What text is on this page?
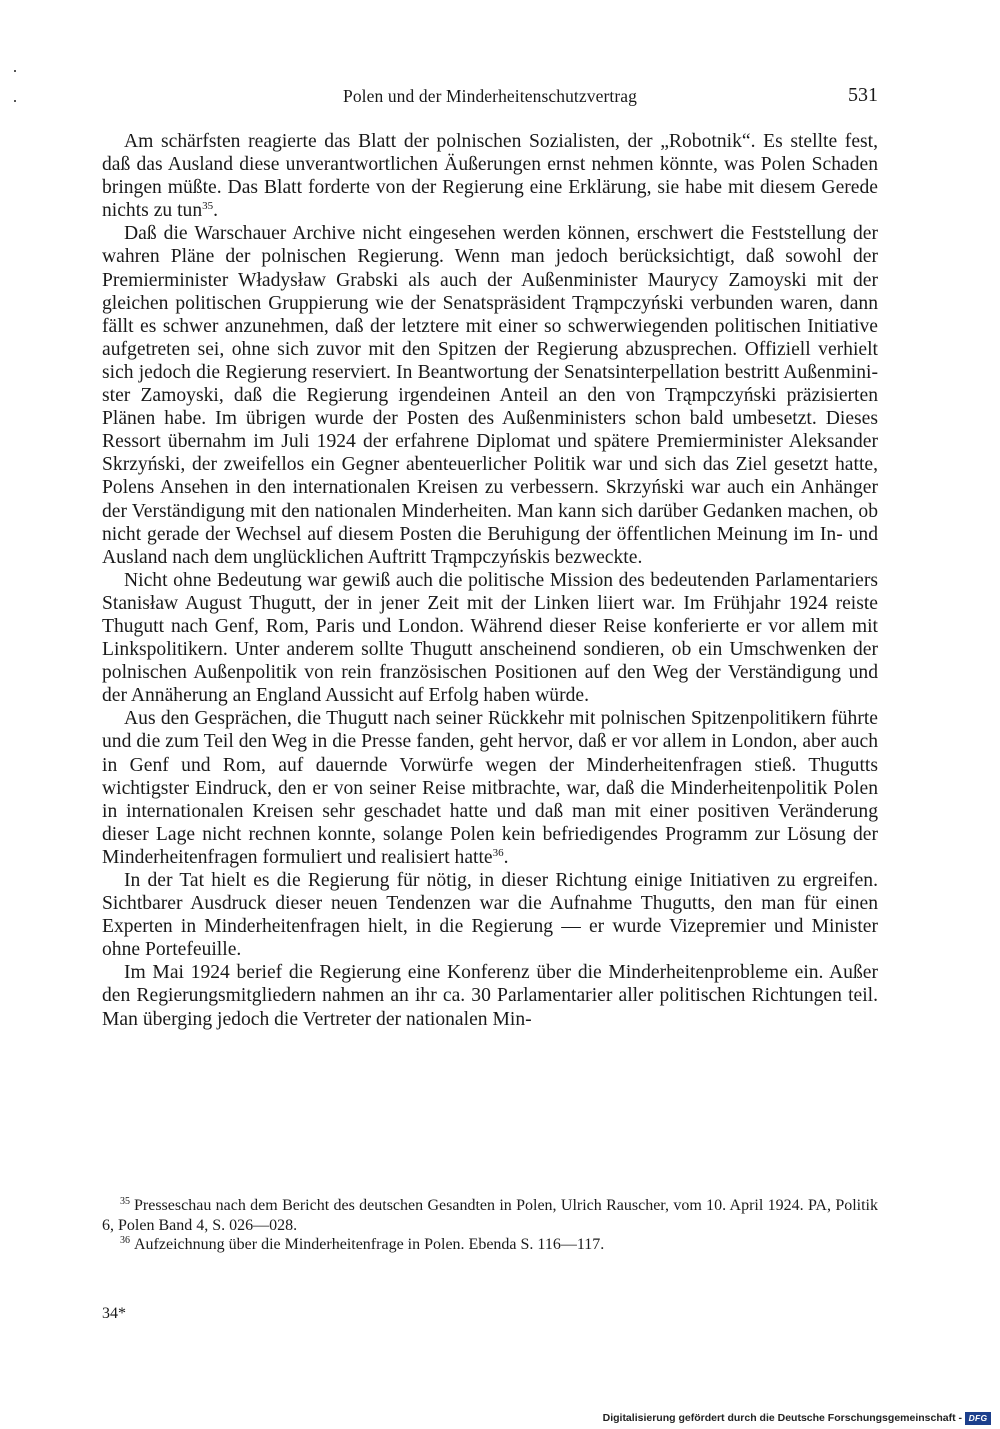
Polen und der Minderheitenschutzvertrag	531

Am schärfsten reagierte das Blatt der polnischen Sozialisten, der „Robotnik“. Es stellte fest, daß das Ausland diese unverantwortlichen Äußerungen ernst nehmen könnte, was Polen Schaden bringen müßte. Das Blatt forderte von der Regierung eine Erklärung, sie habe mit diesem Gerede nichts zu tun$^{35}$.

Daß die Warschauer Archive nicht eingesehen werden können, erschwert die Feststellung der wahren Pläne der polnischen Regierung. Wenn man jedoch berücksichtigt, daß sowohl der Premierminister Władysław Grabski als auch der Außenminister Maurycy Zamoyski mit der gleichen politischen Gruppierung wie der Senatspräsident Trąmpczyński verbunden waren, dann fällt es schwer anzunehmen, daß der letztere mit einer so schwerwiegenden politischen Initiative aufgetreten sei, ohne sich zuvor mit den Spitzen der Regierung abzusprechen. Offiziell verhielt sich jedoch die Regierung reserviert. In Beantwortung der Senatsinterpellation bestritt Außenminister Zamoyski, daß die Regierung irgendeinen Anteil an den von Trąmpczyński präzisierten Plänen habe. Im übrigen wurde der Posten des Außenministers schon bald umbesetzt. Dieses Ressort übernahm im Juli 1924 der erfahrene Diplomat und spätere Premierminister Aleksander Skrzyński, der zweifellos ein Gegner abenteuerlicher Politik war und sich das Ziel gesetzt hatte, Polens Ansehen in den internationalen Kreisen zu verbessern. Skrzyński war auch ein Anhänger der Verständigung mit den nationalen Minderheiten. Man kann sich darüber Gedanken machen, ob nicht gerade der Wechsel auf diesem Posten die Beruhigung der öffentlichen Meinung im In- und Ausland nach dem unglücklichen Auftritt Trąmpczyńskis bezweckte.

Nicht ohne Bedeutung war gewiß auch die politische Mission des bedeutenden Parlamentariers Stanisław August Thugutt, der in jener Zeit mit der Linken liiert war. Im Frühjahr 1924 reiste Thugutt nach Genf, Rom, Paris und London. Während dieser Reise konferierte er vor allem mit Linkspolitikern. Unter anderem sollte Thugutt anscheinend sondieren, ob ein Umschwenken der polnischen Außenpolitik von rein französischen Positionen auf den Weg der Verständigung und der Annäherung an England Aussicht auf Erfolg haben würde.

Aus den Gesprächen, die Thugutt nach seiner Rückkehr mit polnischen Spitzenpolitikern führte und die zum Teil den Weg in die Presse fanden, geht hervor, daß er vor allem in London, aber auch in Genf und Rom, auf dauernde Vorwürfe wegen der Minderheitenfragen stieß. Thugutts wichtigster Eindruck, den er von seiner Reise mitbrachte, war, daß die Minderheitenpolitik Polen in internationalen Kreisen sehr geschadet hatte und daß man mit einer positiven Veränderung dieser Lage nicht rechnen konnte, solange Polen kein befriedigendes Programm zur Lösung der Minderheitenfragen formuliert und realisiert hatte$^{36}$.

In der Tat hielt es die Regierung für nötig, in dieser Richtung einige Initiativen zu ergreifen. Sichtbarer Ausdruck dieser neuen Tendenzen war die Aufnahme Thugutts, den man für einen Experten in Minderheitenfragen hielt, in die Regierung — er wurde Vizepremier und Minister ohne Portefeuille.

Im Mai 1924 berief die Regierung eine Konferenz über die Minderheitenprobleme ein. Außer den Regierungsmitgliedern nahmen an ihr ca. 30 Parlamentarier aller politischen Richtungen teil. Man überging jedoch die Vertreter der nationalen Min-

$^{35}$ Presseschau nach dem Bericht des deutschen Gesandten in Polen, Ulrich Rauscher, vom 10. April 1924. PA, Politik 6, Polen Band 4, S. 026—028.

$^{36}$ Aufzeichnung über die Minderheitenfrage in Polen. Ebenda S. 116—117.

34*
Digitalisierung gefördert durch die Deutsche Forschungsgemeinschaft - DFG
